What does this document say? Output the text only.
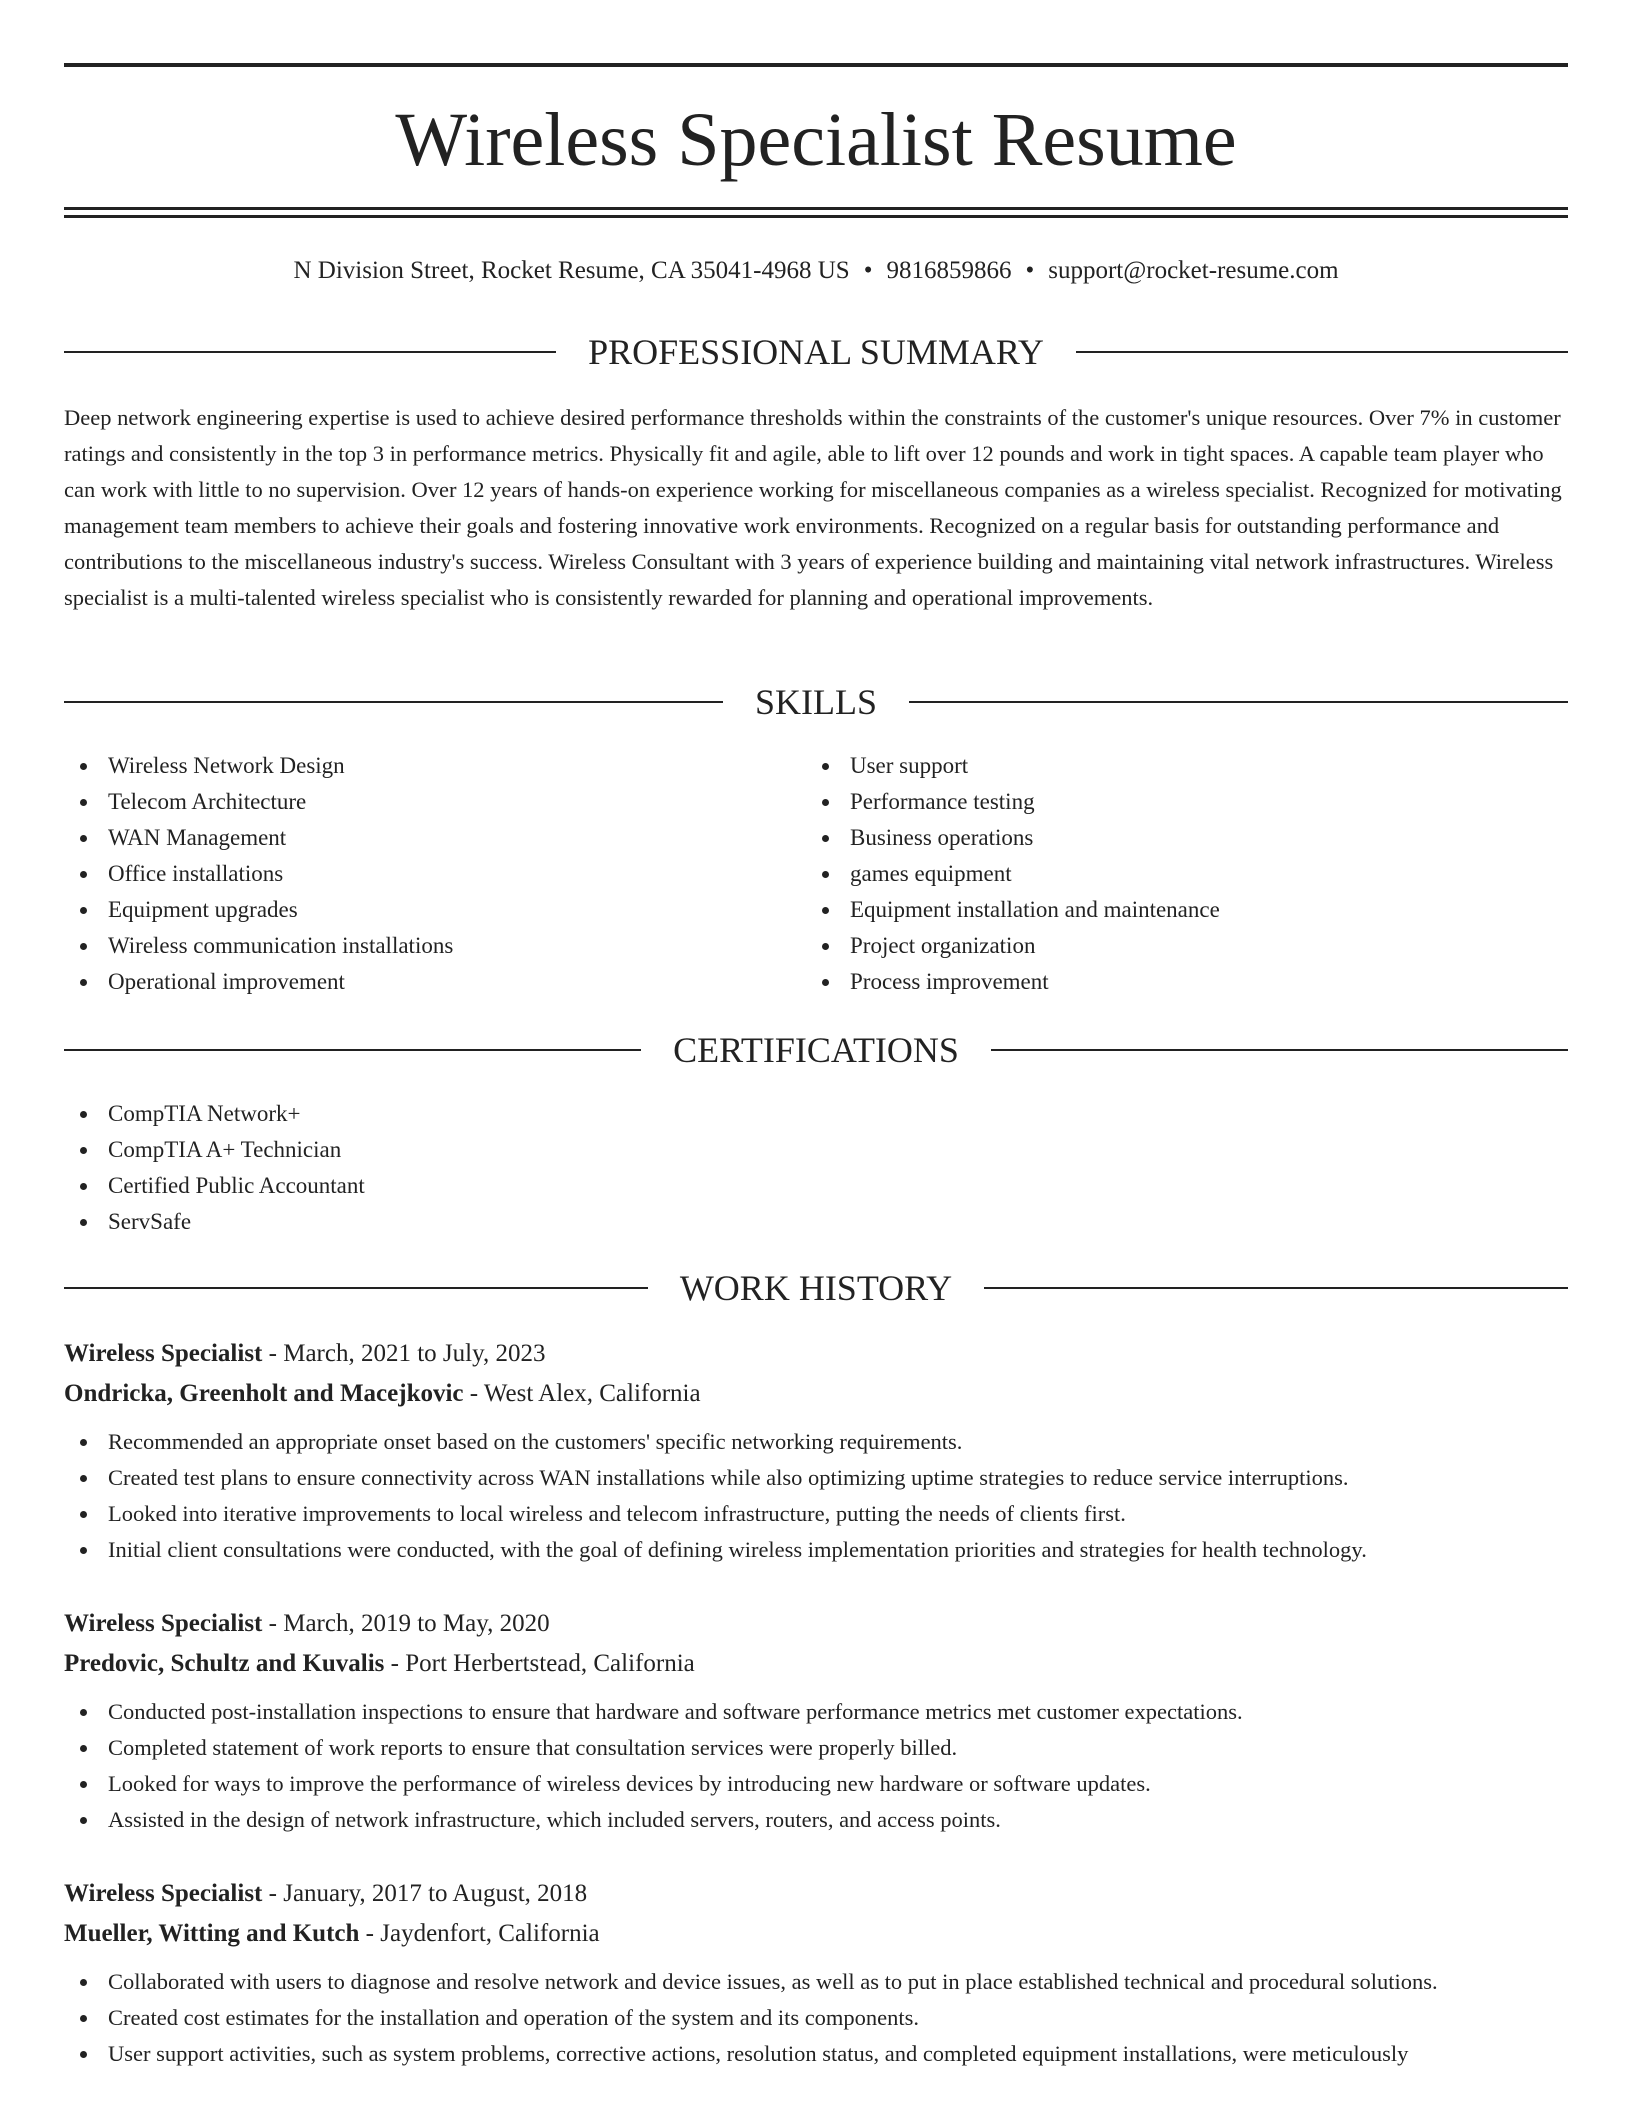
Wireless Specialist Resume
N Division Street, Rocket Resume, CA 35041-4968 US • 9816859866 • support@rocket-resume.com
PROFESSIONAL SUMMARY

Deep network engineering expertise is used to achieve desired performance thresholds within the constraints of the customer's unique resources. Over 7% in customer ratings and consistently in the top 3 in performance metrics. Physically fit and agile, able to lift over 12 pounds and work in tight spaces. A capable team player who can work with little to no supervision. Over 12 years of hands-on experience working for miscellaneous companies as a wireless specialist. Recognized for motivating management team members to achieve their goals and fostering innovative work environments. Recognized on a regular basis for outstanding performance and contributions to the miscellaneous industry's success. Wireless Consultant with 3 years of experience building and maintaining vital network infrastructures. Wireless specialist is a multi-talented wireless specialist who is consistently rewarded for planning and operational improvements.

SKILLS
Wireless Network Design
Telecom Architecture
WAN Management
Office installations
Equipment upgrades
Wireless communication installations
Operational improvement
User support
Performance testing
Business operations
games equipment
Equipment installation and maintenance
Project organization
Process improvement
CERTIFICATIONS
CompTIA Network+
CompTIA A+ Technician
Certified Public Accountant
ServSafe
WORK HISTORY
Wireless Specialist - March, 2021 to July, 2023
Ondricka, Greenholt and Macejkovic - West Alex, California
Recommended an appropriate onset based on the customers' specific networking requirements.
Created test plans to ensure connectivity across WAN installations while also optimizing uptime strategies to reduce service interruptions.
Looked into iterative improvements to local wireless and telecom infrastructure, putting the needs of clients first.
Initial client consultations were conducted, with the goal of defining wireless implementation priorities and strategies for health technology.
Wireless Specialist - March, 2019 to May, 2020
Predovic, Schultz and Kuvalis - Port Herbertstead, California
Conducted post-installation inspections to ensure that hardware and software performance metrics met customer expectations.
Completed statement of work reports to ensure that consultation services were properly billed.
Looked for ways to improve the performance of wireless devices by introducing new hardware or software updates.
Assisted in the design of network infrastructure, which included servers, routers, and access points.
Wireless Specialist - January, 2017 to August, 2018
Mueller, Witting and Kutch - Jaydenfort, California
Collaborated with users to diagnose and resolve network and device issues, as well as to put in place established technical and procedural solutions.
Created cost estimates for the installation and operation of the system and its components.
User support activities, such as system problems, corrective actions, resolution status, and completed equipment installations, were meticulously
